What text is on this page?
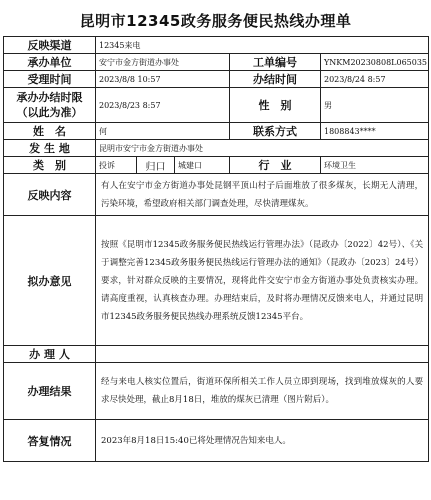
昆明市12345政务服务便民热线办理单
反映渠道	12345来电				
承办单位	安宁市金方街道办事处			工单编号	YNKM20230808L065035
受理时间	2023/8/8 10:57			办结时间	2023/8/24 8:57
承办办结时限（以此为准）	2023/8/23 8:57			性　别	男
姓　名	何			联系方式	1808843****
发 生 地	昆明市安宁市金方街道办事处				
类　别	投诉	归口	城建口	行　业	环境卫生
反映内容	有人在安宁市金方街道办事处昆钢平顶山村子后面堆放了很多煤灰，长期无人清理，污染环境，希望政府相关部门调查处理，尽快清理煤灰。				
拟办意见	按照《昆明市12345政务服务便民热线运行管理办法》（昆政办〔2022〕42号）、《关于调整完善12345政务服务便民热线运行管理办法的通知》（昆政办〔2023〕24号）要求，针对群众反映的主要情况，现将此件交安宁市金方街道办事处负责核实办理。请高度重视，认真核查办理。办理结束后，及时将办理情况反馈来电人，并通过昆明市12345政务服务便民热线办理系统反馈12345平台。				
办 理 人					
办理结果	经与来电人核实位置后，街道环保所相关工作人员立即到现场，找到堆放煤灰的人要求尽快处理，截止8月18日，堆放的煤灰已清理（图片附后）。				
答复情况	2023年8月18日15:40已将处理情况告知来电人。				
